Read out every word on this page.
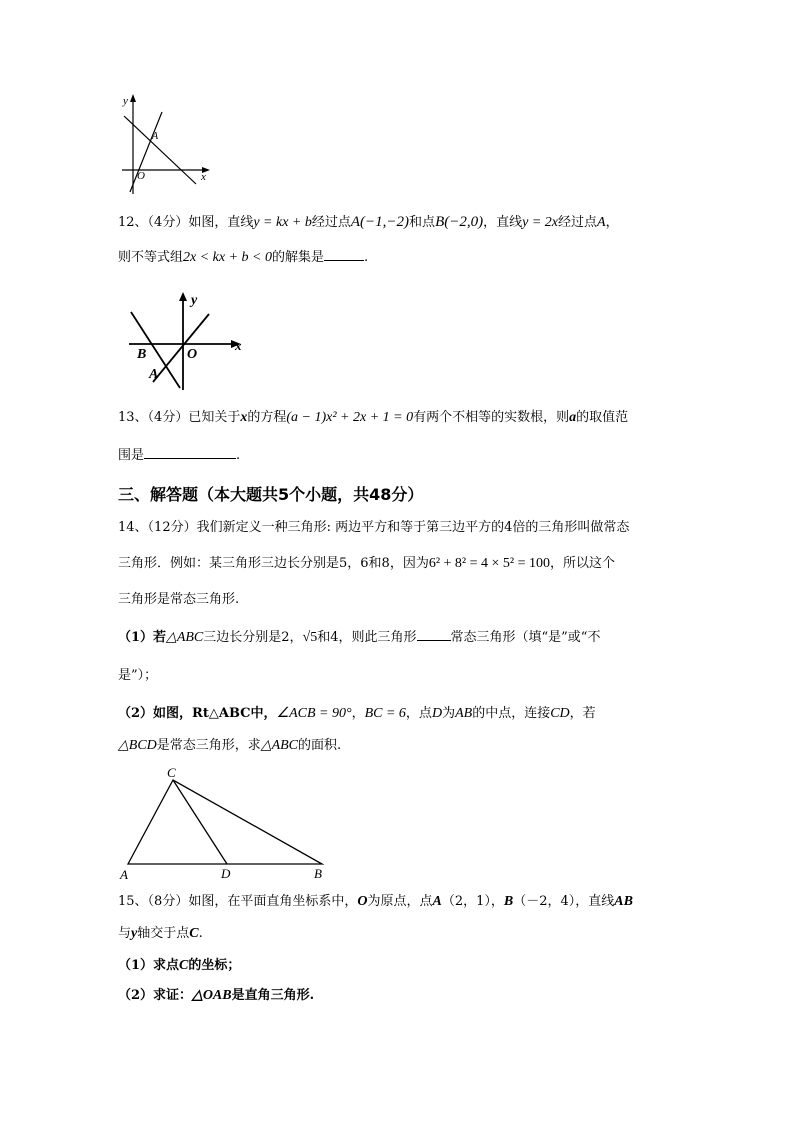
y
x
A
O
12、（4分）如图，直线y = kx + b经过点A(−1,−2)和点B(−2,0)，直线y = 2x经过点A，
则不等式组2x < kx + b < 0的解集是	.
y
x
B	O
A
13、（4分）已知关于x的方程(a − 1)x² + 2x + 1 = 0有两个不相等的实数根，则a的取值范
围是	.
三、解答题（本大题共5个小题，共48分）
14、（12分）我们新定义一种三角形: 两边平方和等于第三边平方的4倍的三角形叫做常态
三角形．例如：某三角形三边长分别是5，6和8，因为6² + 8² = 4 × 5² = 100，所以这个
三角形是常态三角形.
（1）若△ABC三边长分别是2，√5和4，则此三角形	常态三角形（填“是”或“不
是”）；
（2）如图，Rt△ABC中，∠ACB = 90°，BC = 6，点D为AB的中点，连接CD，若
△BCD是常态三角形，求△ABC的面积.
C
A	D	B
15、（8分）如图，在平面直角坐标系中，O为原点，点A（2，1），B（－2，4），直线AB
与y轴交于点C.
（1）求点C的坐标；
（2）求证：△OAB是直角三角形.
